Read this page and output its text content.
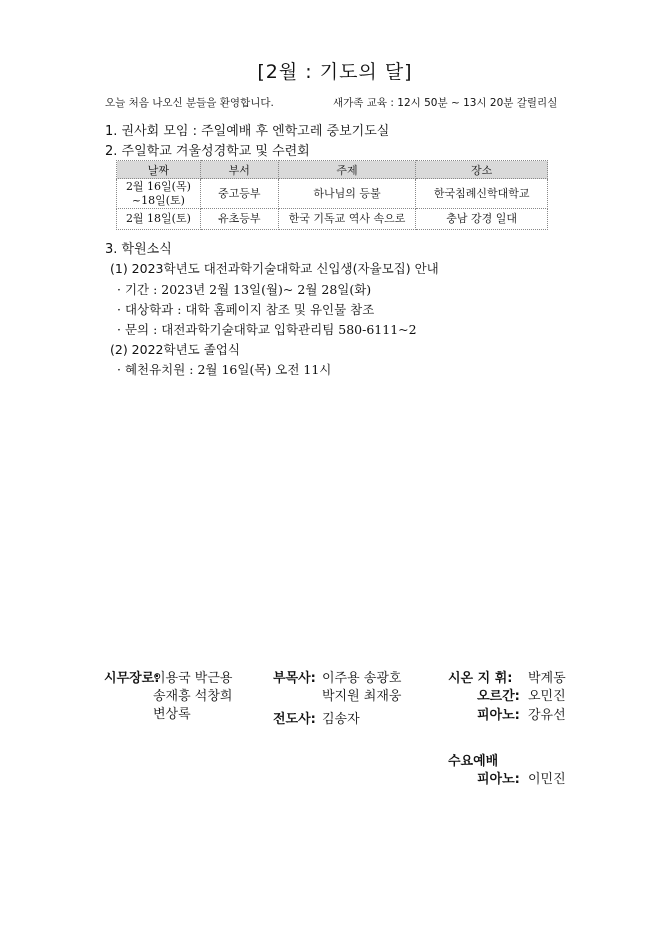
[2월 : 기도의 달]
오늘 처음 나오신 분들을 환영합니다.	새가족 교육 : 12시 50분 ~ 13시 20분 갈릴리실
1. 권사회 모임 : 주일예배 후 엔학고레 중보기도실
2. 주일학교 겨울성경학교 및 수련회
날짜	부서	주제	장소

2월 16일(목)
~18일(토)	중고등부	하나님의 등불	한국침례신학대학교
2월 18일(토)	유초등부	한국 기독교 역사 속으로	충남 강경 일대
3. 학원소식
(1) 2023학년도 대전과학기술대학교 신입생(자율모집) 안내
· 기간 : 2023년 2월 13일(월)~ 2월 28일(화)
· 대상학과 : 대학 홈페이지 참조 및 유인물 참조
· 문의 : 대전과학기술대학교 입학관리팀 580-6111~2
(2) 2022학년도 졸업식
· 혜천유치원 : 2월 16일(목) 오전 11시
시무장로:
이용국 박근용
송재흥 석창희
변상록
부목사: 이주용 송광호
박지원 최재웅
전도사: 김송자
시온 지 휘: 박계동
오르간: 오민진
피아노: 강유선
수요예배
피아노: 이민진
